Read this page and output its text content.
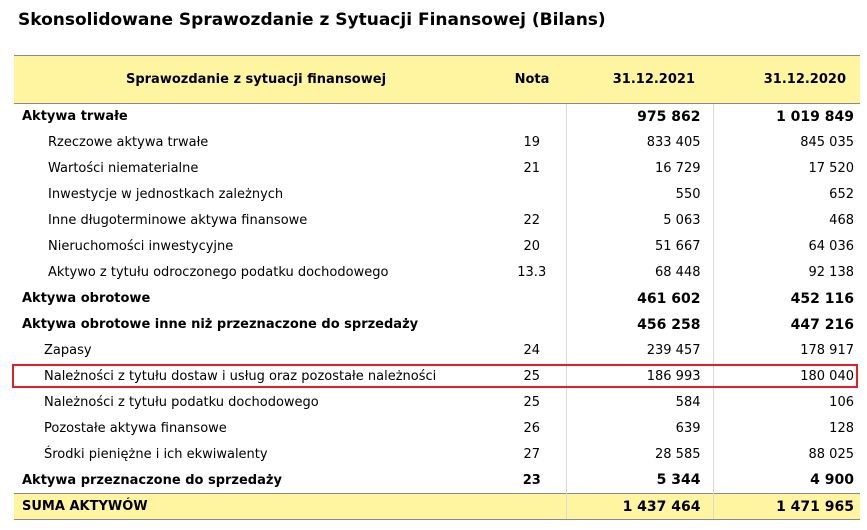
Skonsolidowane Sprawozdanie z Sytuacji Finansowej (Bilans)
Sprawozdanie z sytuacji finansowej	Nota	31.12.2021	31.12.2020
Aktywa trwałe		975 862	1 019 849
Rzeczowe aktywa trwałe	19	833 405	845 035
Wartości niematerialne	21	16 729	17 520
Inwestycje w jednostkach zależnych		550	652
Inne długoterminowe aktywa finansowe	22	5 063	468
Nieruchomości inwestycyjne	20	51 667	64 036
Aktywo z tytułu odroczonego podatku dochodowego	13.3	68 448	92 138
Aktywa obrotowe		461 602	452 116
Aktywa obrotowe inne niż przeznaczone do sprzedaży		456 258	447 216
Zapasy	24	239 457	178 917
Należności z tytułu dostaw i usług oraz pozostałe należności	25	186 993	180 040
Należności z tytułu podatku dochodowego	25	584	106
Pozostałe aktywa finansowe	26	639	128
Środki pieniężne i ich ekwiwalenty	27	28 585	88 025
Aktywa przeznaczone do sprzedaży	23	5 344	4 900
SUMA AKTYWÓW		1 437 464	1 471 965
